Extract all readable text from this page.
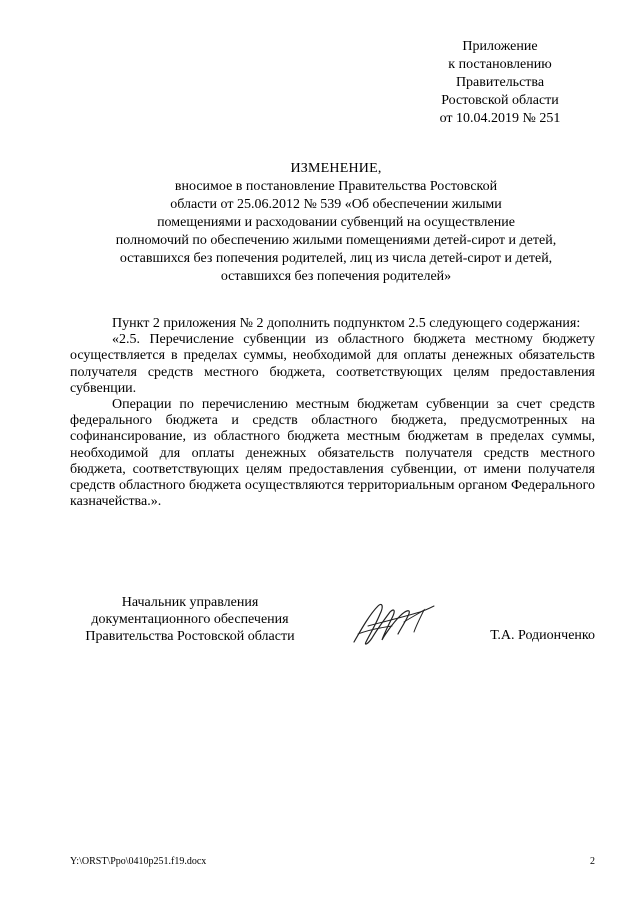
Приложение
к постановлению
Правительства
Ростовской области
от 10.04.2019 № 251
ИЗМЕНЕНИЕ,
вносимое в постановление Правительства Ростовской
области от 25.06.2012 № 539 «Об обеспечении жилыми
помещениями и расходовании субвенций на осуществление
полномочий по обеспечению жилыми помещениями детей-сирот и детей,
оставшихся без попечения родителей, лиц из числа детей-сирот и детей,
оставшихся без попечения родителей»

Пункт 2 приложения № 2 дополнить подпунктом 2.5 следующего содержания:

«2.5. Перечисление субвенции из областного бюджета местному бюджету осуществляется в пределах суммы, необходимой для оплаты денежных обязательств получателя средств местного бюджета, соответствующих целям предоставления субвенции.

Операции по перечислению местным бюджетам субвенции за счет средств федерального бюджета и средств областного бюджета, предусмотренных на софинансирование, из областного бюджета местным бюджетам в пределах суммы, необходимой для оплаты денежных обязательств получателя средств местного бюджета, соответствующих целям предоставления субвенции, от имени получателя средств областного бюджета осуществляются территориальным органом Федерального казначейства.».

Начальник управления
документационного обеспечения
Правительства Ростовской области	Т.А. Родионченко
Y:\ORST\Ppo\0410p251.f19.docx	2
